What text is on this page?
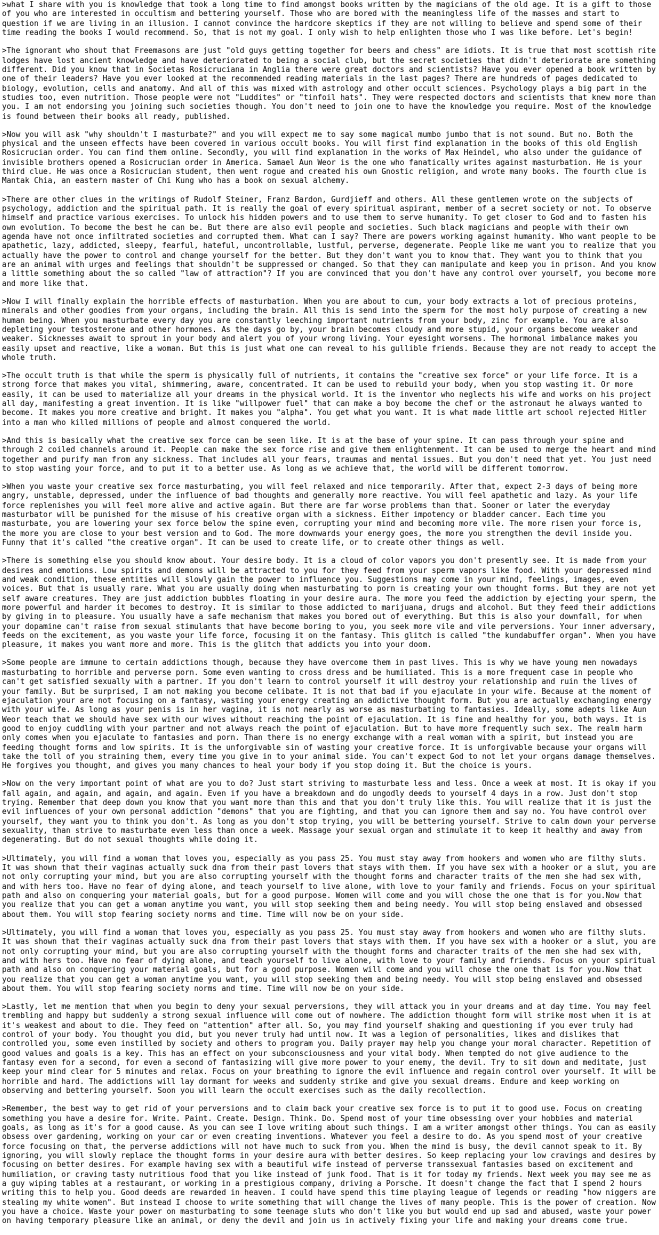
>what I share with you is knowledge that took a long time to find amongst books written by the magicians of the old age. It is a gift to those of you who are interested in occultism and bettering yourself. Those who are bored with the meaningless life of the masses and start to question if we are living in an illusion. I cannot convince the hardcore skeptics if they are not willing to believe and spend some of their time reading the books I would recommend. So, that is not my goal. I only wish to help enlighten those who I was like before. Let's begin!

>The ignorant who shout that Freemasons are just "old guys getting together for beers and chess" are idiots. It is true that most scottish rite lodges have lost ancient knowledge and have deteriorated to being a social club, but the secret societies that didn't deteriorate are something different. Did you know that in Societas Rosicruciana in Anglia there were great doctors and scientists? Have you ever opened a book written by one of their leaders? Have you ever looked at the recommended reading materials in the last pages? There are hundreds of pages dedicated to biology, evolution, cells and anatomy. And all of this was mixed with astrology and other occult sciences. Psychology plays a big part in the studies too, even nutrition. Those people were not "Luddites" or "tinfoil hats". They were respected doctors and scientists that knew more than you. I am not endorsing you joining such societies though. You don't need to join one to have the knowledge you require. Most of the knowledge is found between their books all ready, published.

>Now you will ask "why shouldn't I masturbate?" and you will expect me to say some magical mumbo jumbo that is not sound. But no. Both the physical and the unseen effects have been covered in various occult books. You will first find explanation in the books of this old English Rosicrucian order. You can find them online. Secondly, you will find explanation in the works of Max Heindel, who also under the guidance of invisible brothers opened a Rosicrucian order in America. Samael Aun Weor is the one who fanatically writes against masturbation. He is your third clue. He was once a Rosicrucian student, then went rogue and created his own Gnostic religion, and wrote many books. The fourth clue is Mantak Chia, an eastern master of Chi Kung who has a book on sexual alchemy.

>There are other clues in the writings of Rudolf Steiner, Franz Bardon, Gurdjieff and others. All these gentlemen wrote on the subjects of psychology, addiction and the spiritual path. It is really the goal of every spiritual aspirant, member of a secret society or not. To observe himself and practice various exercises. To unlock his hidden powers and to use them to serve humanity. To get closer to God and to fasten his own evolution. To become the best he can be. But there are also evil people and societies. Such black magicians and people with their own agenda have not once infiltrated societies and corrupted them. What can I say? There are powers working against humanity. Who want people to be apathetic, lazy, addicted, sleepy, fearful, hateful, uncontrollable, lustful, perverse, degenerate. People like me want you to realize that you actually have the power to control and change yourself for the better. But they don't want you to know that. They want you to think that you are an animal with urges and feelings that shouldn't be suppressed or changed. So that they can manipulate and keep you in prison. And you know a little something about the so called "law of attraction"? If you are convinced that you don't have any control over yourself, you become more and more like that.

>Now I will finally explain the horrible effects of masturbation. When you are about to cum, your body extracts a lot of precious proteins, minerals and other goodies from your organs, including the brain. All this is send into the sperm for the most holy purpose of creating a new human being. When you masturbate every day you are constantly leeching important nutrients from your body, zinc for example. You are also depleting your testosterone and other hormones. As the days go by, your brain becomes cloudy and more stupid, your organs become weaker and weaker. Sicknesses await to sprout in your body and alert you of your wrong living. Your eyesight worsens. The hormonal imbalance makes you easily upset and reactive, like a woman. But this is just what one can reveal to his gullible friends. Because they are not ready to accept the whole truth.

>The occult truth is that while the sperm is physically full of nutrients, it contains the "creative sex force" or your life force. It is a strong force that makes you vital, shimmering, aware, concentrated. It can be used to rebuild your body, when you stop wasting it. Or more easily, it can be used to materialize all your dreams in the physical world. It is the inventor who neglects his wife and works on his project all day, manifesting a great invention. It is like "willpower fuel" that can make a boy become the chef or the astronaut he always wanted to become. It makes you more creative and bright. It makes you "alpha". You get what you want. It is what made little art school rejected Hitler into a man who killed millions of people and almost conquered the world.

>And this is basically what the creative sex force can be seen like. It is at the base of your spine. It can pass through your spine and through 2 coiled channels around it. People can make the sex force rise and give them enlightenment. It can be used to merge the heart and mind together and purify man from any sickness. That includes all your fears, traumas and mental issues. But you don't need that yet. You just need to stop wasting your force, and to put it to a better use. As long as we achieve that, the world will be different tomorrow.

>When you waste your creative sex force masturbating, you will feel relaxed and nice temporarily. After that, expect 2-3 days of being more angry, unstable, depressed, under the influence of bad thoughts and generally more reactive. You will feel apathetic and lazy. As your life force replenishes you will feel more alive and active again. But there are far worse problems than that. Sooner or later the everyday masturbator will be punished for the misuse of his creative organ with a sickness. Either impotency or bladder cancer. Each time you masturbate, you are lowering your sex force below the spine even, corrupting your mind and becoming more vile. The more risen your force is, the more you are close to your best version and to God. The more downwards your energy goes, the more you strengthen the devil inside you. Funny that it's called "the creative organ". It can be used to create life, or to create other things as well.

>There is something else you should know about. Your desire body. It is a cloud of color vapors you don't presently see. It is made from your desires and emotions. Low spirits and demons will be attracted to you for they feed from your sperm vapors like food. With your depressed mind and weak condition, these entities will slowly gain the power to influence you. Suggestions may come in your mind, feelings, images, even voices. But that is usually rare. What you are usually doing when masturbating to porn is creating your own thought forms. But they are not yet self aware creatures. They are just addiction bubbles floating in your desire aura. The more you feed the addiction by ejecting your sperm, the more powerful and harder it becomes to destroy. It is similar to those addicted to marijuana, drugs and alcohol. But they feed their addictions by giving in to pleasure. You usually have a safe mechanism that makes you bored out of everything. But this is also your downfall, for when your dopamine can't raise from sexual stimulants that have become boring to you, you seek more vile and vile perversions. Your inner adversary, feeds on the excitement, as you waste your life force, focusing it on the fantasy. This glitch is called "the kundabuffer organ". When you have pleasure, it makes you want more and more. This is the glitch that addicts you into your doom.

>Some people are immune to certain addictions though, because they have overcome them in past lives. This is why we have young men nowadays masturbating to horrible and perverse porn. Some even wanting to cross dress and be humiliated. This is a more frequent case in people who can't get satisfied sexually with a partner. If you don't learn to control yourself it will destroy your relationship and ruin the lives of your family. But be surprised, I am not making you become celibate. It is not that bad if you ejaculate in your wife. Because at the moment of ejaculation your are not focusing on a fantasy, wasting your energy creating an addictive thought form. But you are actually exchanging energy with your wife. As long as your penis is in her vagina, it is not nearly as worse as masturbating to fantasies. Ideally, some adepts like Aun Weor teach that we should have sex with our wives without reaching the point of ejaculation. It is fine and healthy for you, both ways. It is good to enjoy cuddling with your partner and not always reach the point of ejaculation. But to have more frequently such sex. The realm harm only comes when you ejaculate to fantasies and porn. Than there is no energy exchange with a real woman with a spirit, but instead you are feeding thought forms and low spirits. It is the unforgivable sin of wasting your creative force. It is unforgivable because your organs will take the toll of you straining them, every time you give in to your animal side. You can't expect God to not let your organs damage themselves. He forgives you thought, and gives you many chances to heal your body if you stop doing it. But the choice is yours.

>Now on the very important point of what are you to do? Just start striving to masturbate less and less. Once a week at most. It is okay if you fall again, and again, and again, and again. Even if you have a breakdown and do ungodly deeds to yourself 4 days in a row. Just don't stop trying. Remember that deep down you know that you want more than this and that you don't truly like this. You will realize that it is just the evil influences of your own personal addiction "demons" that you are fighting, and that you can ignore them and say no. You have control over yourself, they want you to think you don't. As long as you don't stop trying, you will be bettering yourself. Strive to calm down your perverse sexuality, than strive to masturbate even less than once a week. Massage your sexual organ and stimulate it to keep it healthy and away from degenerating. But do not sexual thoughts while doing it.

>Ultimately, you will find a woman that loves you, especially as you pass 25. You must stay away from hookers and women who are filthy sluts. It was shown that their vaginas actually suck dna from their past lovers that stays with them. If you have sex with a hooker or a slut, you are not only corrupting your mind, but you are also corrupting yourself with the thought forms and character traits of the men she had sex with, and with hers too. Have no fear of dying alone, and teach yourself to live alone, with love to your family and friends. Focus on your spiritual path and also on conquering your material goals, but for a good purpose. Women will come and you will chose the one that is for you.Now that you realize that you can get a woman anytime you want, you will stop seeking them and being needy. You will stop being enslaved and obsessed about them. You will stop fearing society norms and time. Time will now be on your side.

>Ultimately, you will find a woman that loves you, especially as you pass 25. You must stay away from hookers and women who are filthy sluts. It was shown that their vaginas actually suck dna from their past lovers that stays with them. If you have sex with a hooker or a slut, you are not only corrupting your mind, but you are also corrupting yourself with the thought forms and character traits of the men she had sex with, and with hers too. Have no fear of dying alone, and teach yourself to live alone, with love to your family and friends. Focus on your spiritual path and also on conquering your material goals, but for a good purpose. Women will come and you will chose the one that is for you.Now that you realize that you can get a woman anytime you want, you will stop seeking them and being needy. You will stop being enslaved and obsessed about them. You will stop fearing society norms and time. Time will now be on your side.

>Lastly, let me mention that when you begin to deny your sexual perversions, they will attack you in your dreams and at day time. You may feel trembling and happy but suddenly a strong sexual influence will come out of nowhere. The addiction thought form will strike most when it is at it's weakest and about to die. They feed on "attention" after all. So, you may find yourself shaking and questioning if you ever truly had control of your body. You thought you did, but you never truly had until now. It was a legion of personalities, likes and dislikes that controlled you, some even instilled by society and others to program you. Daily prayer may help you change your moral character. Repetition of good values and goals is a key. This has an effect on your subconsciousness and your vital body. When tempted do not give audience to the fantasy even for a second, for even a second of fantasizing will give more power to your enemy, the devil. Try to sit down and meditate, just keep your mind clear for 5 minutes and relax. Focus on your breathing to ignore the evil influence and regain control over yourself. It will be horrible and hard. The addictions will lay dormant for weeks and suddenly strike and give you sexual dreams. Endure and keep working on observing and bettering yourself. Soon you will learn the occult exercises such as the daily recollection.

>Remember, the best way to get rid of your perversions and to claim back your creative sex force is to put it to good use. Focus on creating something you have a desire for. Write. Paint. Create. Design. Think. Do. Spend most of your time obsessing over your hobbies and material goals, as long as it's for a good cause. As you can see I love writing about such things. I am a writer amongst other things. You can as easily obsess over gardening, working on your car or even creating inventions. Whatever you feel a desire to do. As you spend most of your creative force focusing on that, the perverse addictions will not have much to suck from you. When the mind is busy, the devil cannot speak to it. By ignoring, you will slowly replace the thought forms in your desire aura with better desires. So keep replacing your low cravings and desires by focusing on better desires. For example having sex with a beautiful wife instead of perverse transsexual fantasies based on excitement and humiliation, or craving tasty nutritious food that you like instead of junk food. That is it for today my friends. Next week you may see me as a guy wiping tables at a restaurant, or working in a prestigious company, driving a Porsche. It doesn't change the fact that I spend 2 hours writing this to help you. Good deeds are rewarded in heaven. I could have spend this time playing league of legends or reading "how niggers are stealing my white women". But instead I choose to write something that will change the lives of many people. This is the power of creation. Now you have a choice. Waste your power on masturbating to some teenage sluts who don't like you but would end up sad and abused, waste your power on having temporary pleasure like an animal, or deny the devil and join us in actively fixing your life and making your dreams come true.
